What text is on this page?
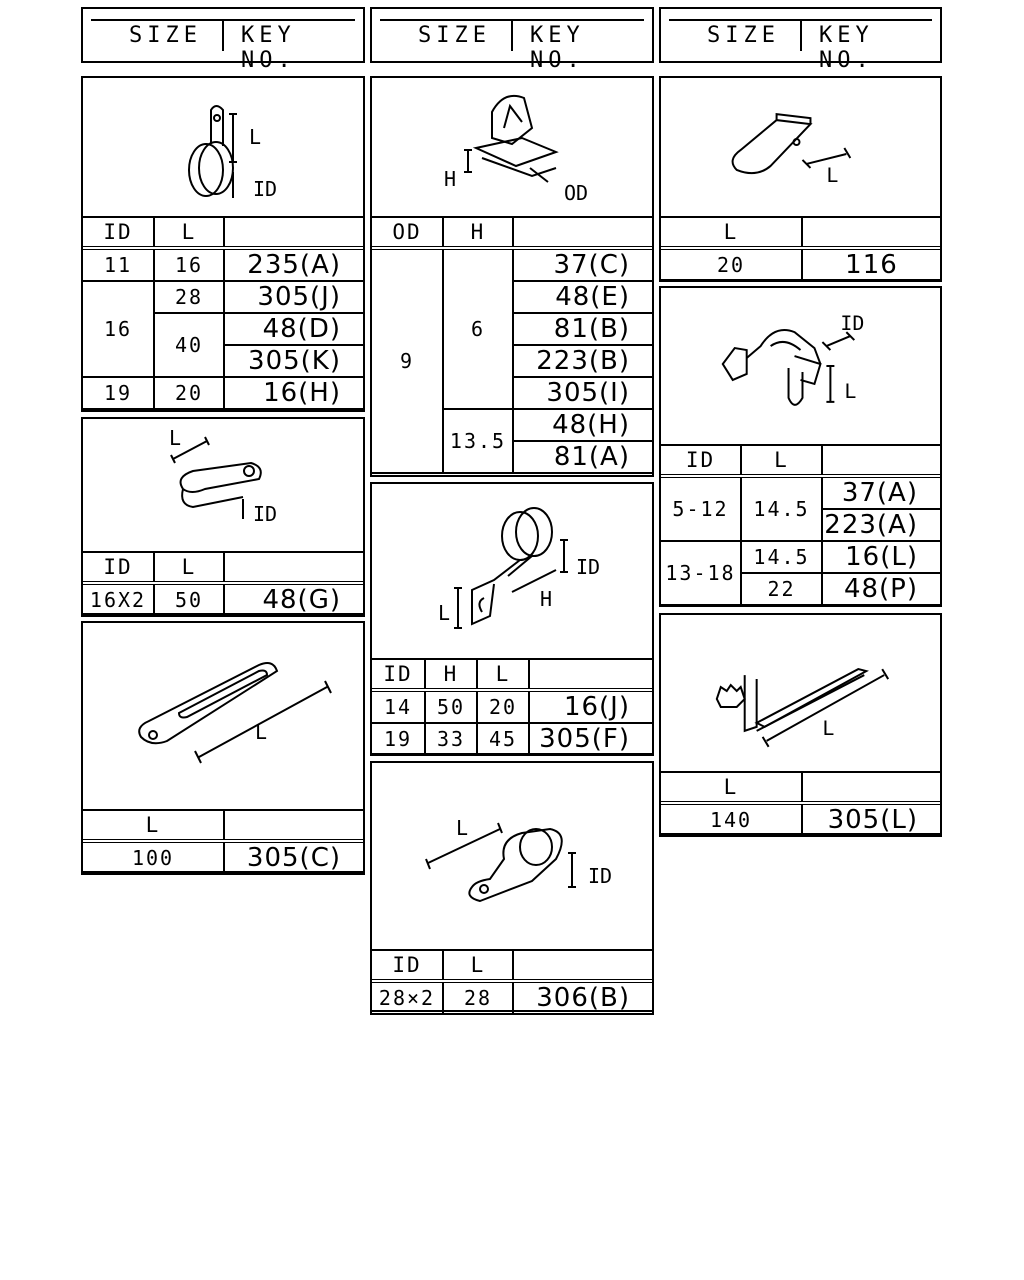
SIZE KEY NO.
SIZE KEY NO.
SIZE KEY NO.
L
ID
ID	L	
11	16	235(A)
16	28	305(J)
	40	48(D)
		305(K)
19	20	16(H)
L
ID
ID	L	
16X2	50	48(G)
L
L	
100	305(C)
H
OD
OD	H	
9	6	37(C)
		48(E)
		81(B)
		223(B)
		305(I)
	13.5	48(H)
		81(A)
ID
H
L
ID	H	L	
14	50	20	16(J)
19	33	45	305(F)
L
ID
ID	L	
28×2	28	306(B)
L
L	
20	116
ID
L
ID	L	
5-12	14.5	37(A)
		223(A)
13-18	14.5	16(L)
	22	48(P)
L
L	
140	305(L)
